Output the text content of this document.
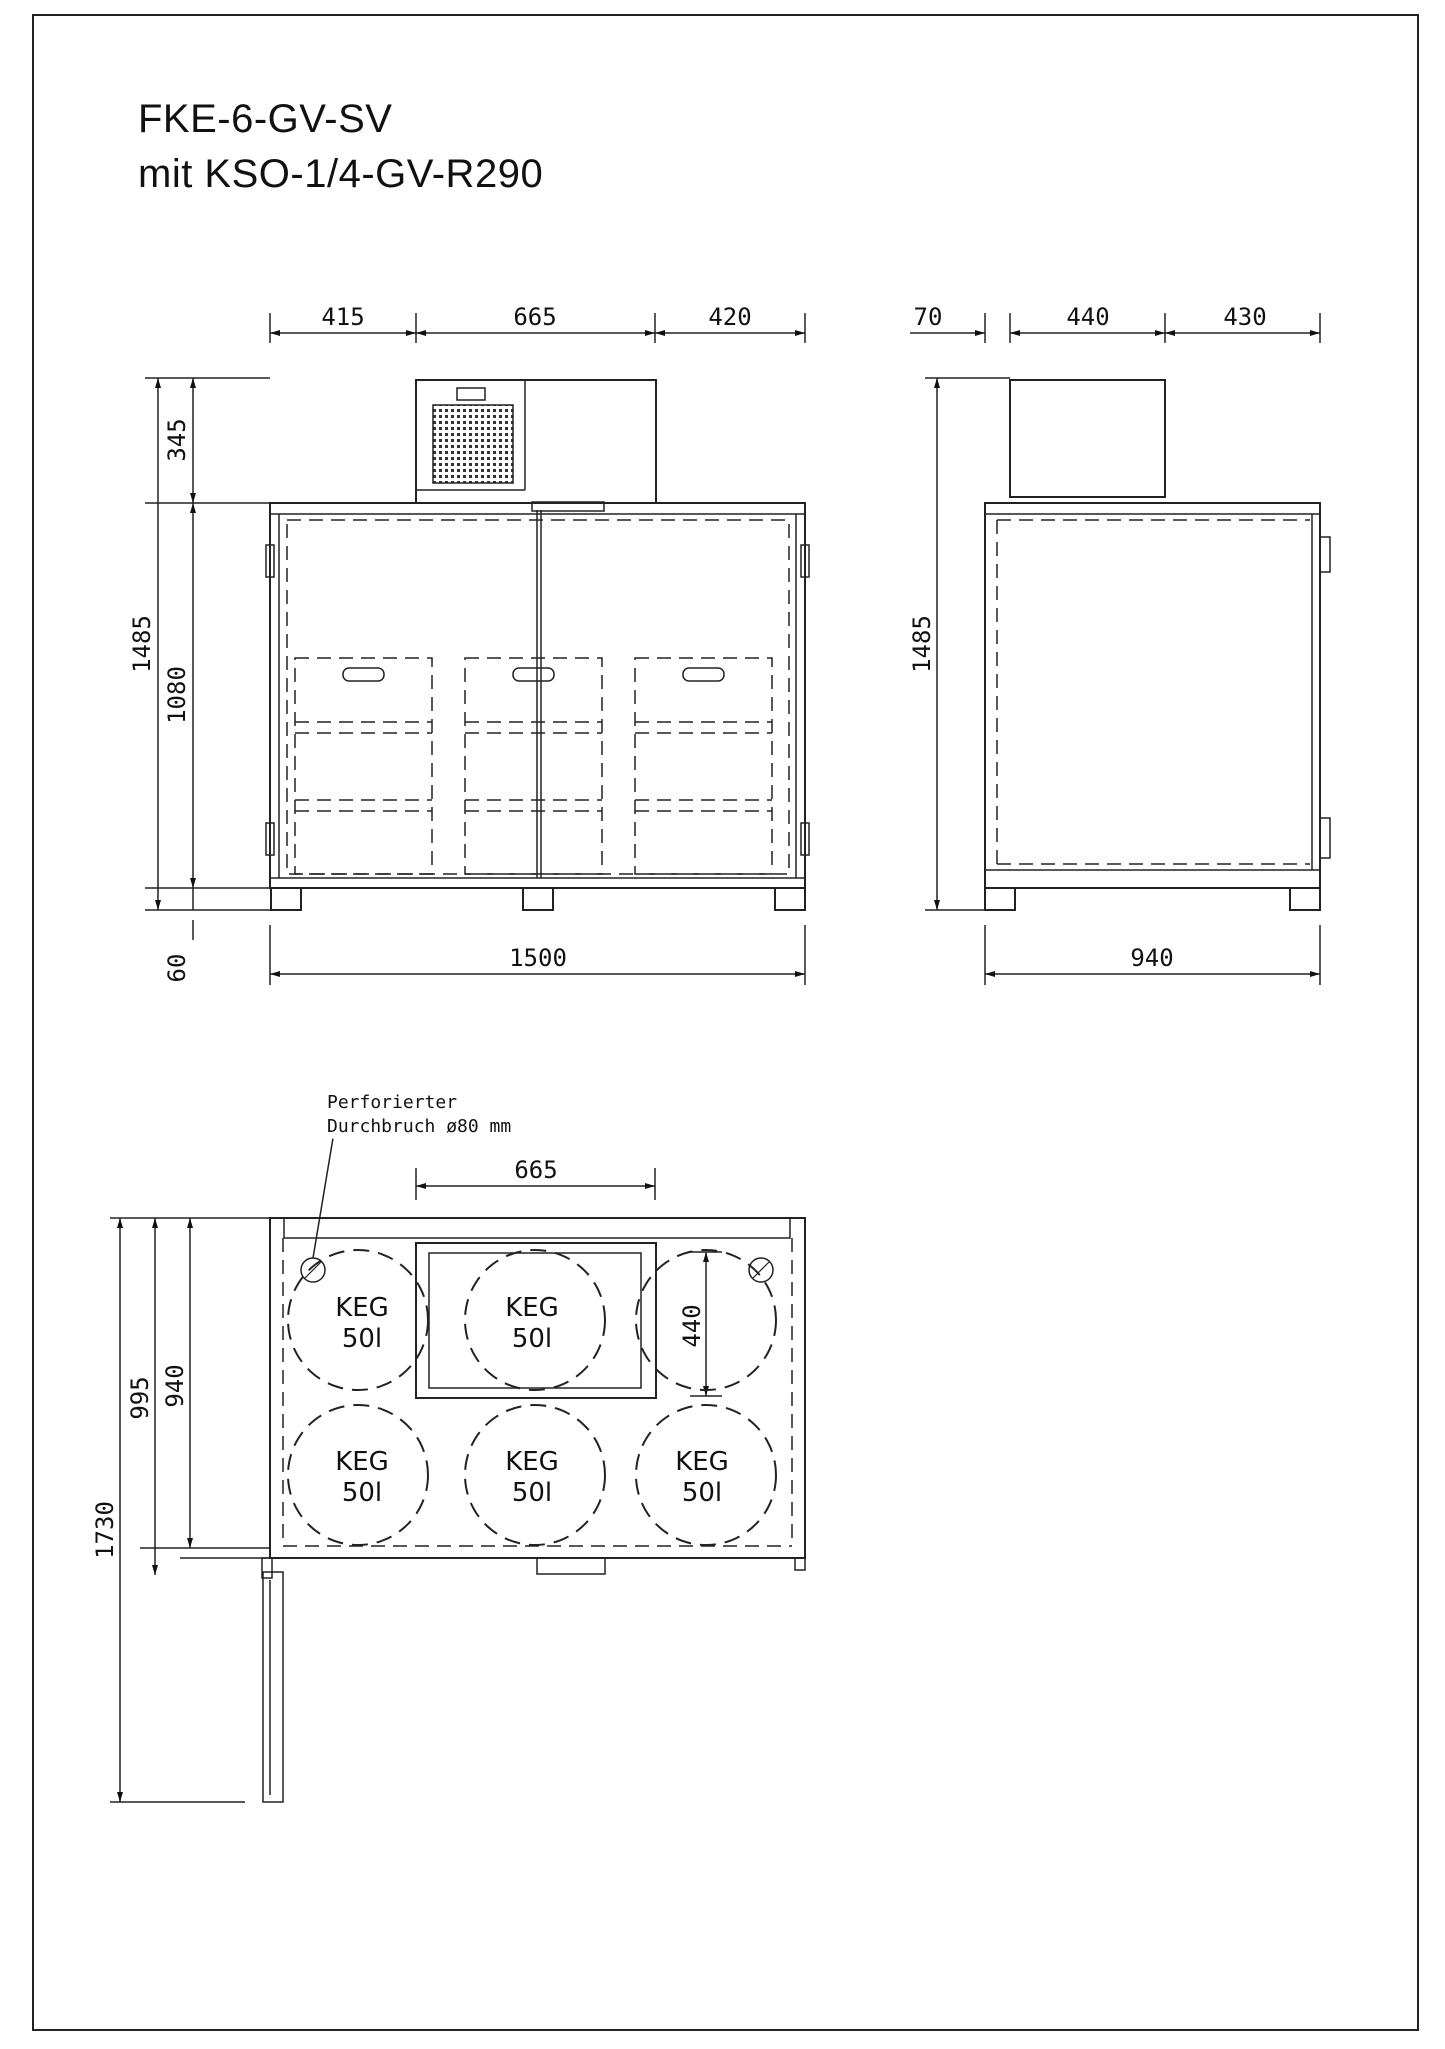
FKE-6-GV-SV
mit KSO-1/4-GV-R290
415	665	420
1500
1485
345
1080
60
70	440	430
940
1485
Perforierter
Durchbruch ø80 mm
665
440
1730
995 940
KEG
50l
KEG
50l
KEG
50l
KEG
50l
KEG
50l
